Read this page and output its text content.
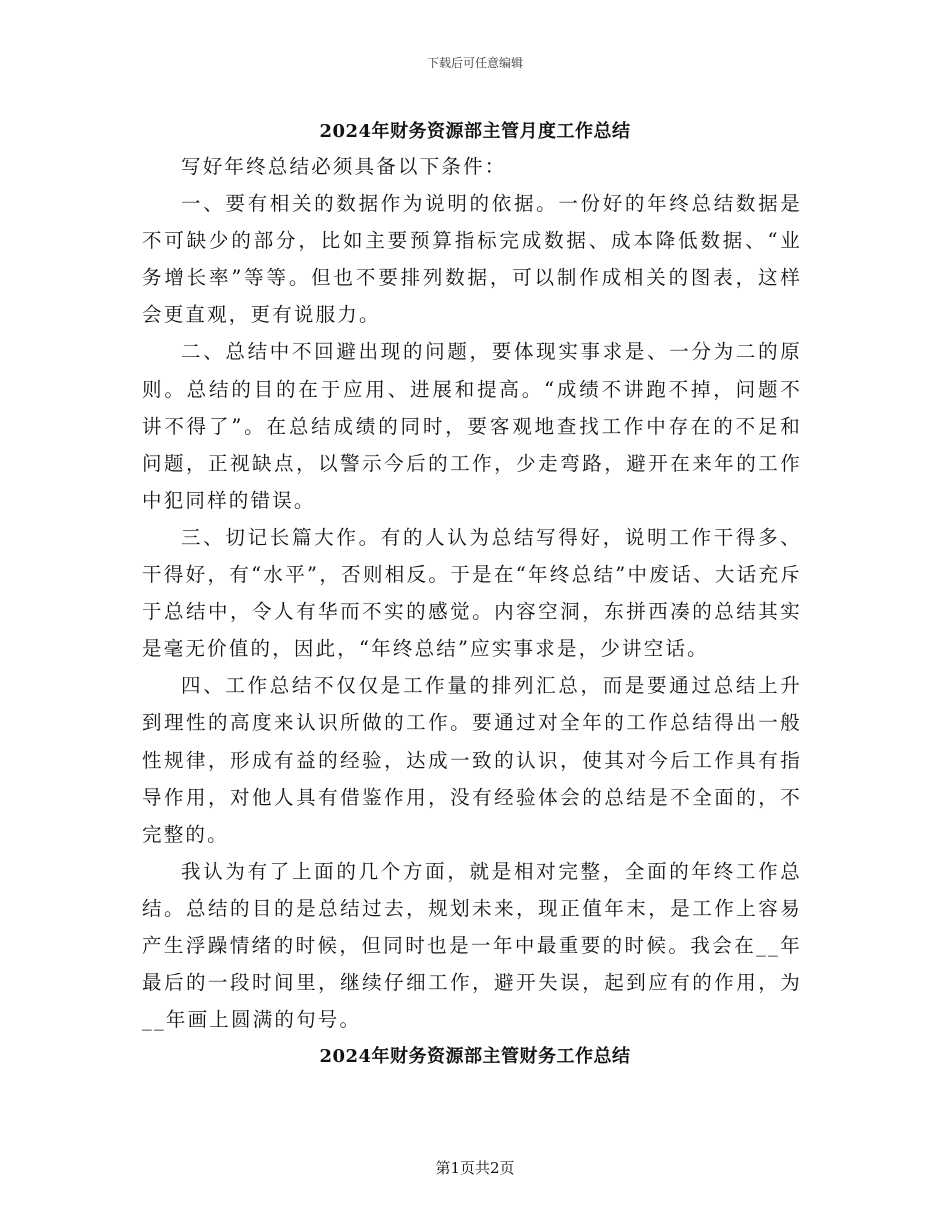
下载后可任意编辑
2024年财务资源部主管月度工作总结

写好年终总结必须具备以下条件：

一、要有相关的数据作为说明的依据。一份好的年终总结数据是不可缺少的部分，比如主要预算指标完成数据、成本降低数据、“业务增长率”等等。但也不要排列数据，可以制作成相关的图表，这样会更直观，更有说服力。

二、总结中不回避出现的问题，要体现实事求是、一分为二的原则。总结的目的在于应用、进展和提高。“成绩不讲跑不掉，问题不讲不得了”。在总结成绩的同时，要客观地查找工作中存在的不足和问题，正视缺点，以警示今后的工作，少走弯路，避开在来年的工作中犯同样的错误。

三、切记长篇大作。有的人认为总结写得好，说明工作干得多、干得好，有“水平”，否则相反。于是在“年终总结”中废话、大话充斥于总结中，令人有华而不实的感觉。内容空洞，东拼西凑的总结其实是毫无价值的，因此，“年终总结”应实事求是，少讲空话。

四、工作总结不仅仅是工作量的排列汇总，而是要通过总结上升到理性的高度来认识所做的工作。要通过对全年的工作总结得出一般性规律，形成有益的经验，达成一致的认识，使其对今后工作具有指导作用，对他人具有借鉴作用，没有经验体会的总结是不全面的，不完整的。

我认为有了上面的几个方面，就是相对完整，全面的年终工作总结。总结的目的是总结过去，规划未来，现正值年末，是工作上容易产生浮躁情绪的时候，但同时也是一年中最重要的时候。我会在__年最后的一段时间里，继续仔细工作，避开失误，起到应有的作用，为__年画上圆满的句号。

2024年财务资源部主管财务工作总结
第1页共2页
